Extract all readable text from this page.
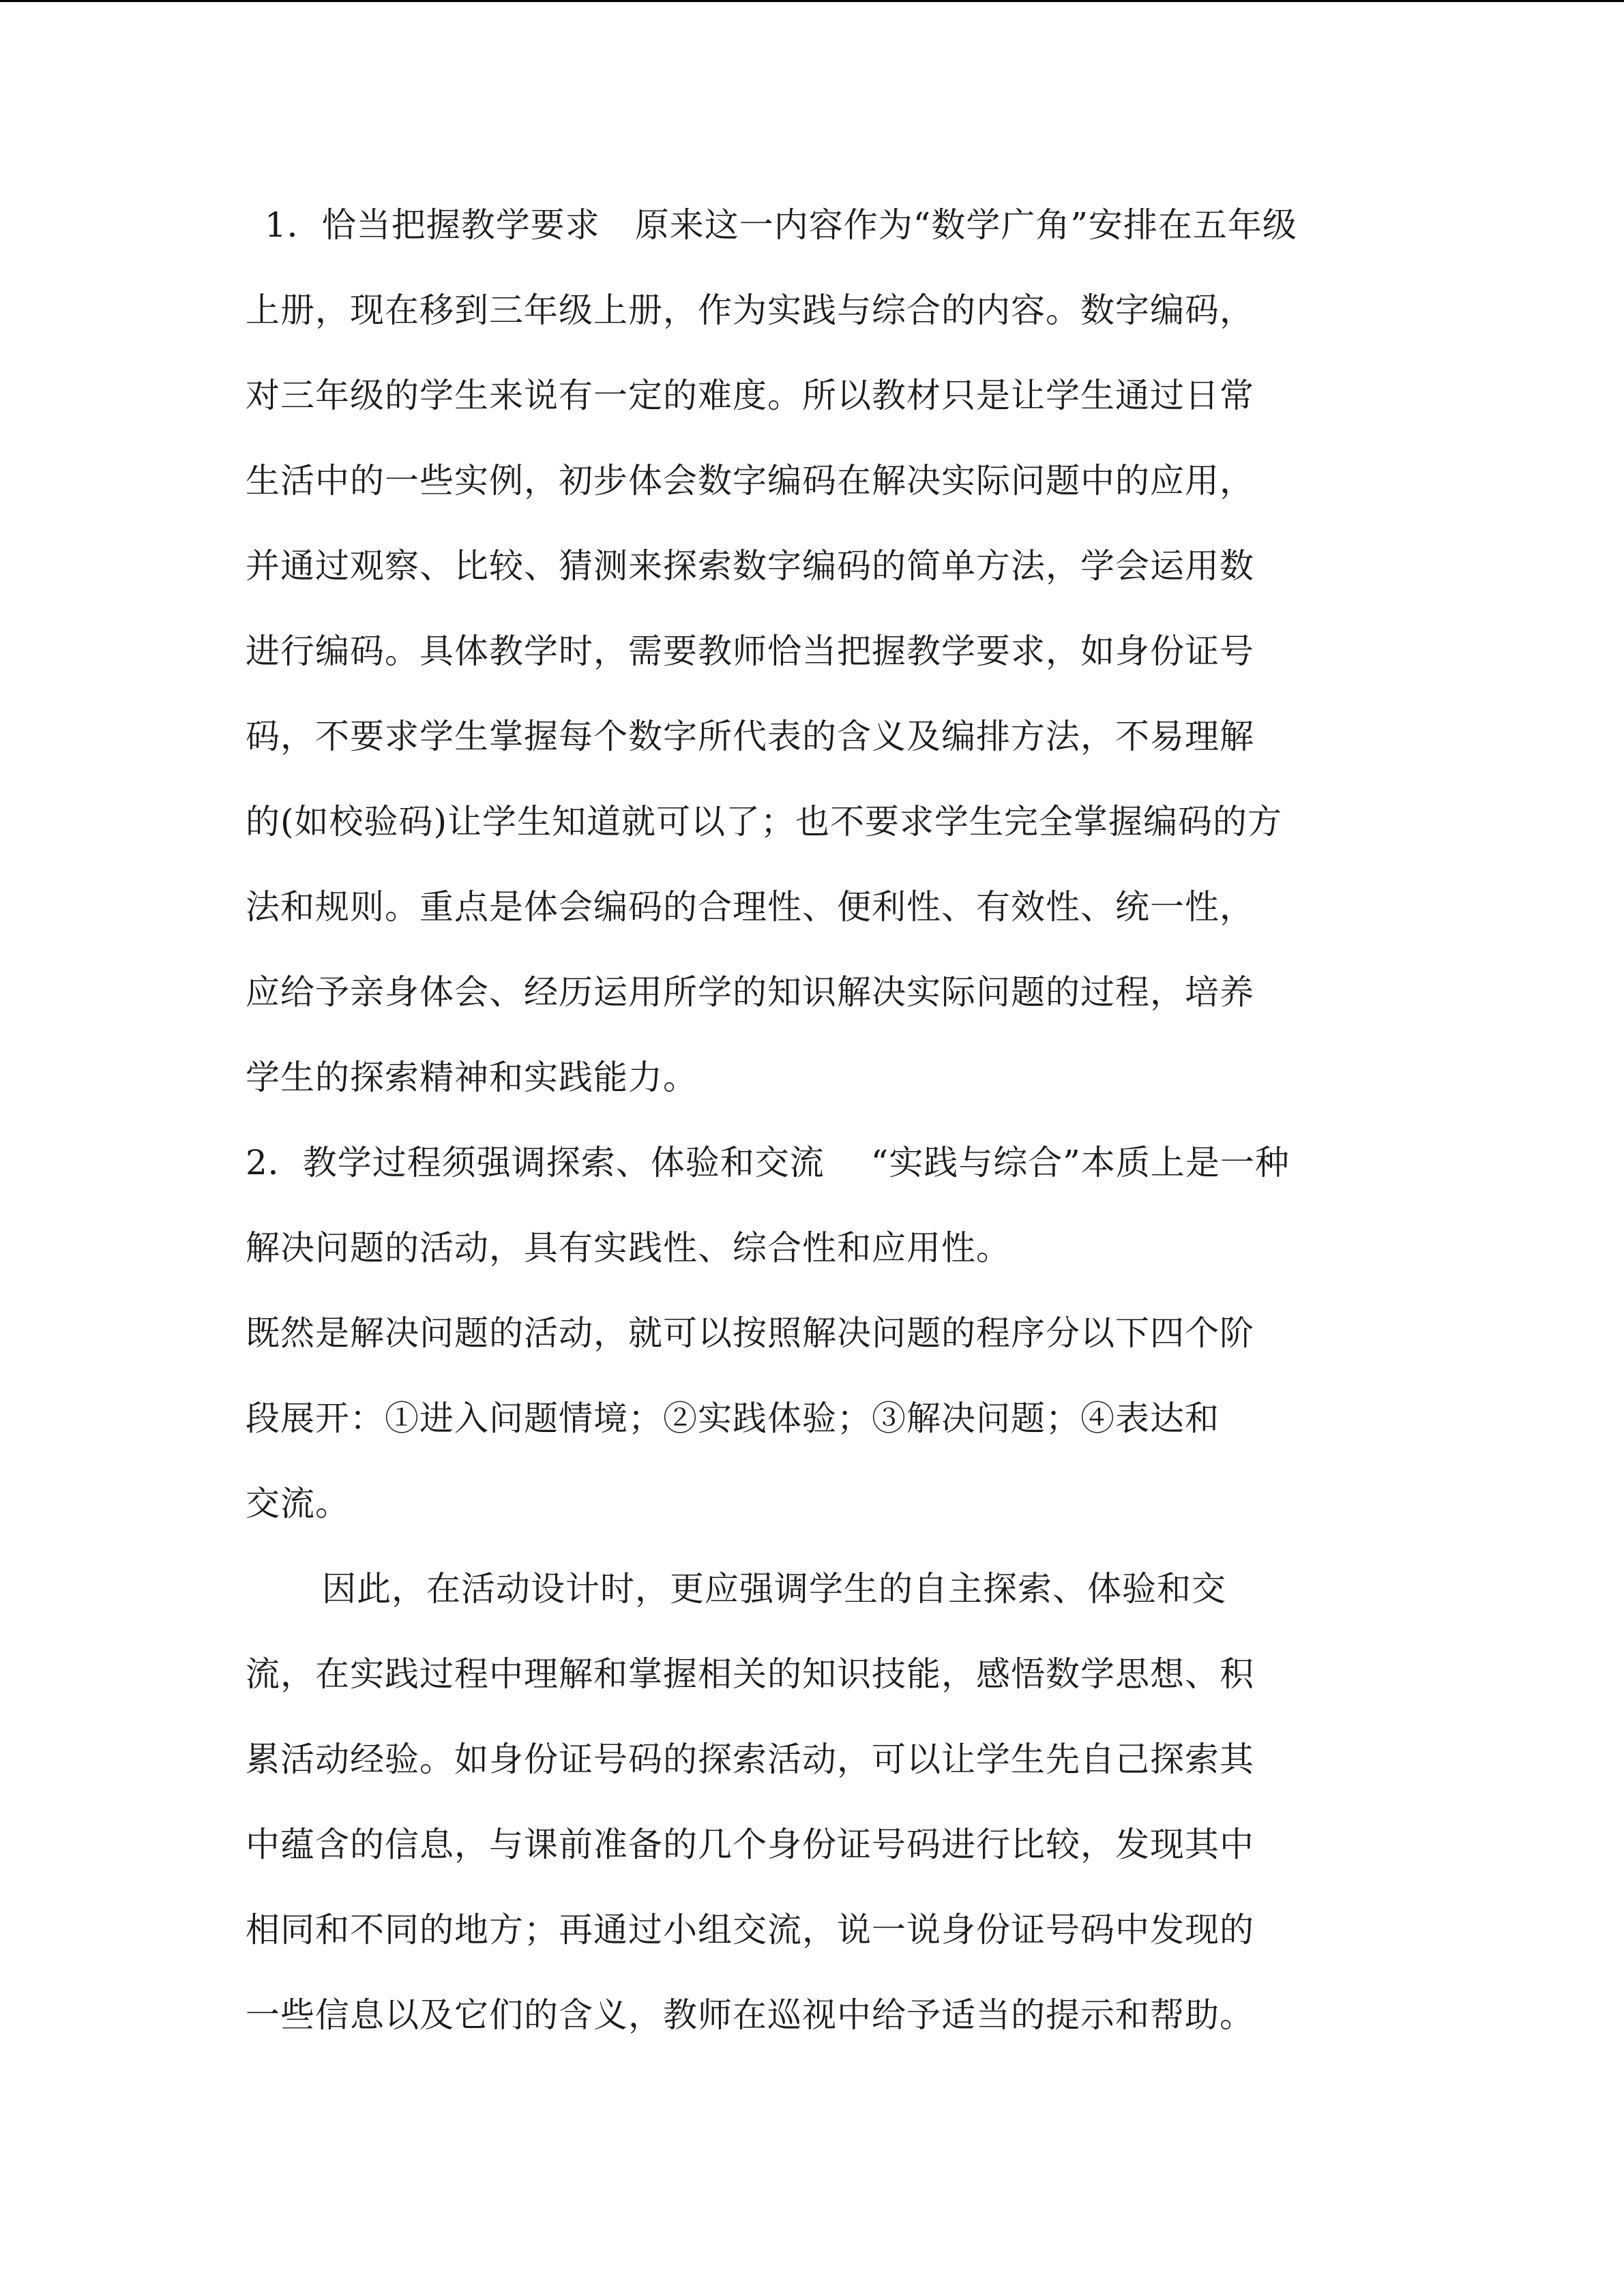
1．恰当把握教学要求　原来这一内容作为“数学广角”安排在五年级
上册，现在移到三年级上册，作为实践与综合的内容。数字编码，
对三年级的学生来说有一定的难度。所以教材只是让学生通过日常
生活中的一些实例，初步体会数字编码在解决实际问题中的应用，
并通过观察、比较、猜测来探索数字编码的简单方法，学会运用数
进行编码。具体教学时，需要教师恰当把握教学要求，如身份证号
码，不要求学生掌握每个数字所代表的含义及编排方法，不易理解
的(如校验码)让学生知道就可以了；也不要求学生完全掌握编码的方
法和规则。重点是体会编码的合理性、便利性、有效性、统一性，
应给予亲身体会、经历运用所学的知识解决实际问题的过程，培养
学生的探索精神和实践能力。
2．教学过程须强调探索、体验和交流　 “实践与综合”本质上是一种
解决问题的活动，具有实践性、综合性和应用性。
既然是解决问题的活动，就可以按照解决问题的程序分以下四个阶
段展开：①进入问题情境；②实践体验；③解决问题；④表达和
交流。
因此，在活动设计时，更应强调学生的自主探索、体验和交
流，在实践过程中理解和掌握相关的知识技能，感悟数学思想、积
累活动经验。如身份证号码的探索活动，可以让学生先自己探索其
中蕴含的信息，与课前准备的几个身份证号码进行比较，发现其中
相同和不同的地方；再通过小组交流，说一说身份证号码中发现的
一些信息以及它们的含义，教师在巡视中给予适当的提示和帮助。
